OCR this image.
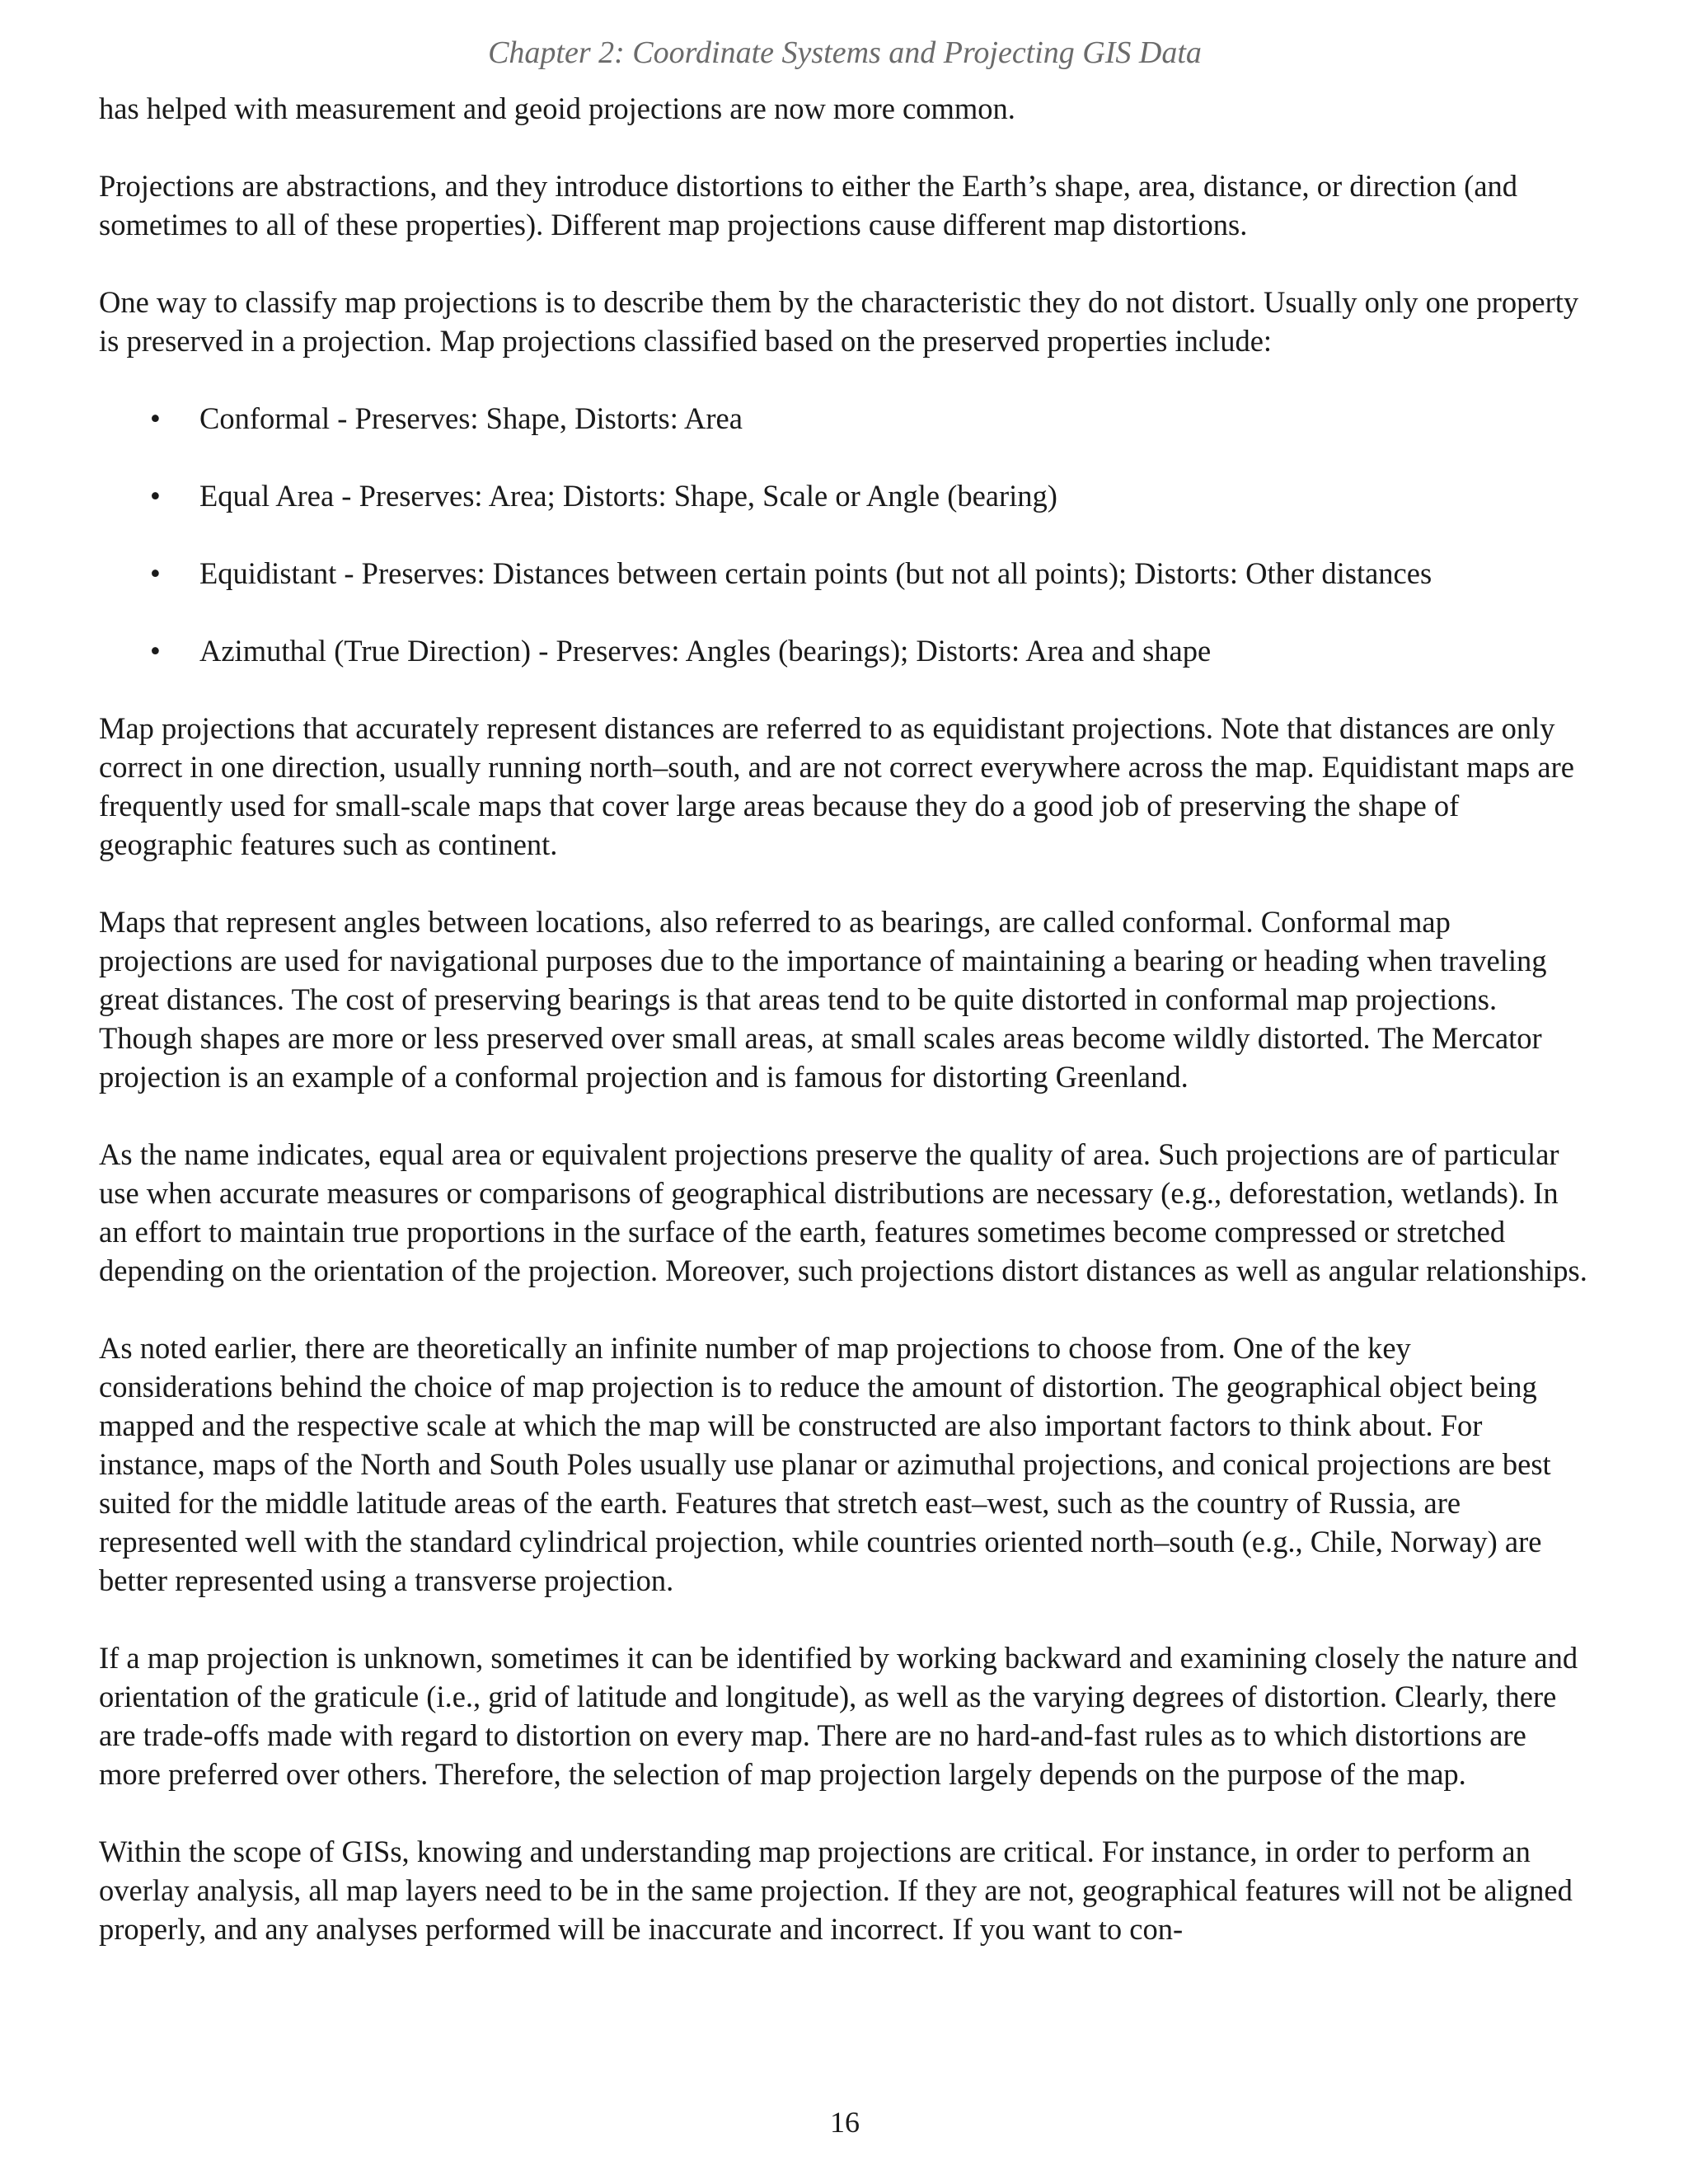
Chapter 2: Coordinate Systems and Projecting GIS Data

has helped with measurement and geoid projections are now more common.

Projections are abstractions, and they introduce distortions to either the Earth’s shape, area, distance, or direction (and sometimes to all of these properties). Different map projections cause different map distortions.

One way to classify map projections is to describe them by the characteristic they do not distort. Usually only one property is preserved in a projection. Map projections classified based on the preserved properties include:

• Conformal - Preserves: Shape, Distorts: Area
• Equal Area - Preserves: Area; Distorts: Shape, Scale or Angle (bearing)
• Equidistant - Preserves: Distances between certain points (but not all points); Distorts: Other distances
• Azimuthal (True Direction) - Preserves: Angles (bearings); Distorts: Area and shape

Map projections that accurately represent distances are referred to as equidistant projections. Note that distances are only correct in one direction, usually running north–south, and are not correct everywhere across the map. Equidistant maps are frequently used for small-scale maps that cover large areas because they do a good job of preserving the shape of geographic features such as continent.

Maps that represent angles between locations, also referred to as bearings, are called conformal. Conformal map projections are used for navigational purposes due to the importance of maintaining a bearing or heading when traveling great distances. The cost of preserving bearings is that areas tend to be quite distorted in conformal map projections. Though shapes are more or less preserved over small areas, at small scales areas become wildly distorted. The Mercator projection is an example of a conformal projection and is famous for distorting Greenland.

As the name indicates, equal area or equivalent projections preserve the quality of area. Such projections are of particular use when accurate measures or comparisons of geographical distributions are necessary (e.g., deforestation, wetlands). In an effort to maintain true proportions in the surface of the earth, features sometimes become compressed or stretched depending on the orientation of the projection. Moreover, such projections distort distances as well as angular relationships.

As noted earlier, there are theoretically an infinite number of map projections to choose from. One of the key considerations behind the choice of map projection is to reduce the amount of distortion. The geographical object being mapped and the respective scale at which the map will be constructed are also important factors to think about. For instance, maps of the North and South Poles usually use planar or azimuthal projections, and conical projections are best suited for the middle latitude areas of the earth. Features that stretch east–west, such as the country of Russia, are represented well with the standard cylindrical projection, while countries oriented north–south (e.g., Chile, Norway) are better represented using a transverse projection.

If a map projection is unknown, sometimes it can be identified by working backward and examining closely the nature and orientation of the graticule (i.e., grid of latitude and longitude), as well as the varying degrees of distortion. Clearly, there are trade-offs made with regard to distortion on every map. There are no hard-and-fast rules as to which distortions are more preferred over others. Therefore, the selection of map projection largely depends on the purpose of the map.

Within the scope of GISs, knowing and understanding map projections are critical. For instance, in order to perform an overlay analysis, all map layers need to be in the same projection. If they are not, geographical features will not be aligned properly, and any analyses performed will be inaccurate and incorrect. If you want to con-

16
